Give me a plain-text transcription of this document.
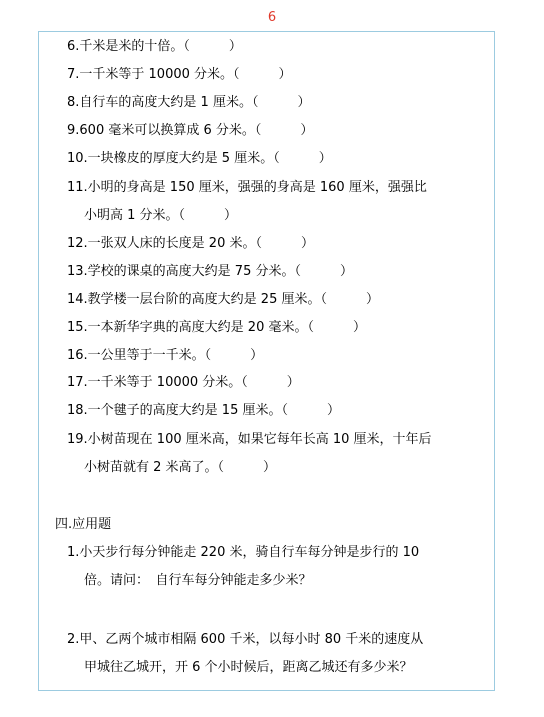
6
6.千米是米的十倍。（　　　）
7.一千米等于 10000 分米。（　　　）
8.自行车的高度大约是 1 厘米。（　　　）
9.600 毫米可以换算成 6 分米。（　　　）
10.一块橡皮的厚度大约是 5 厘米。（　　　）
11.小明的身高是 150 厘米，强强的身高是 160 厘米，强强比
小明高 1 分米。（　　　）
12.一张双人床的长度是 20 米。（　　　）
13.学校的课桌的高度大约是 75 分米。（　　　）
14.教学楼一层台阶的高度大约是 25 厘米。（　　　）
15.一本新华字典的高度大约是 20 毫米。（　　　）
16.一公里等于一千米。（　　　）
17.一千米等于 10000 分米。（　　　）
18.一个毽子的高度大约是 15 厘米。（　　　）
19.小树苗现在 100 厘米高，如果它每年长高 10 厘米，十年后
小树苗就有 2 米高了。（　　　）
四.应用题
1.小天步行每分钟能走 220 米，骑自行车每分钟是步行的 10
倍。请问：　自行车每分钟能走多少米？
2.甲、乙两个城市相隔 600 千米，以每小时 80 千米的速度从
甲城往乙城开，开 6 个小时候后，距离乙城还有多少米？
